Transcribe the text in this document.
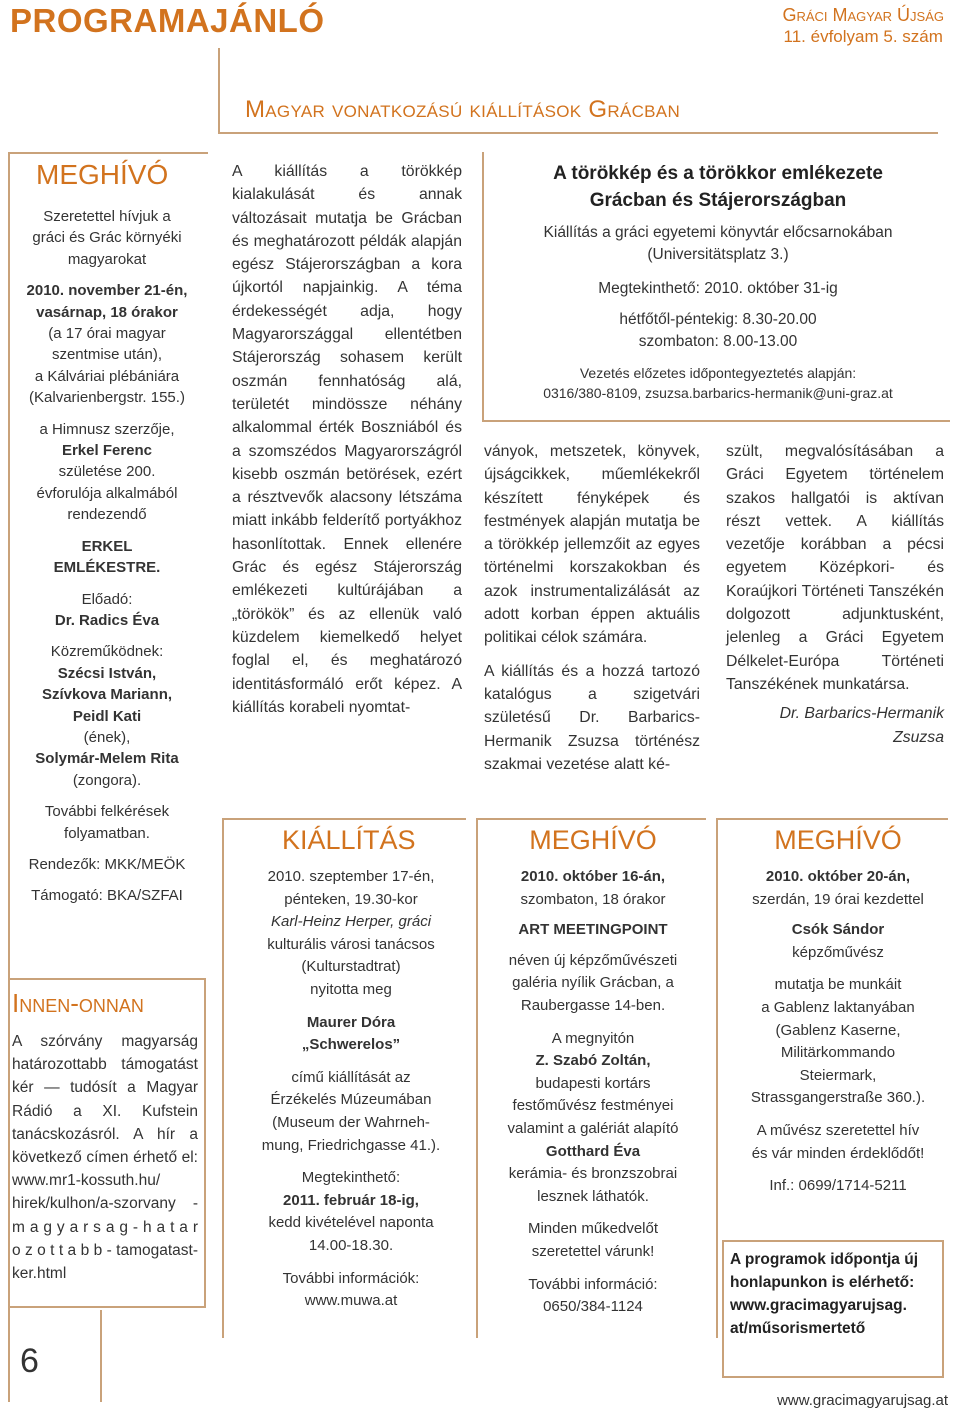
PROGRAMAJÁNLÓ	Gráci Magyar Újság
11. évfolyam 5. szám
Magyar vonatkozású kiállítások Grácban
MEGHÍVÓ
Szeretettel hívjuk a
gráci és Grác környéki
magyarokat
2010. november 21-én,
vasárnap, 18 órakor
(a 17 órai magyar
szentmise után),
a Kálváriai plébániára
(Kalvarienbergstr. 155.)
a Himnusz szerzője,
Erkel Ferenc
születése 200.
évforulója alkalmából
rendezendő
ERKEL
EMLÉKESTRE.
Előadó:
Dr. Radics Éva
Közreműködnek:
Szécsi István,
Szívkova Mariann,
Peidl Kati
(ének),
Solymár-Melem Rita
(zongora).
További felkérések
folyamatban.
Rendezők: MKK/MEÖK
Támogató: BKA/SZFAI
Innen-onnan
A szórvány magyarság határozottabb támogatást kér — tudósít a Magyar Rádió a XI. Kufstein tanácskozásról. A hír a következő címen érhető el: www.mr1-kossuth.hu/ hirek/kulhon/a-szorvany - m a g y a r s a g - h a t a r o z o t t a b b - tamogatast-ker.html
6
A kiállítás a törökkép kialakulását és annak változásait mutatja be Grácban és meghatározott példák alapján egész Stájerországban a kora újkortól napjainkig. A téma érdekességét adja, hogy Magyarországgal ellentétben Stájerország sohasem került oszmán fennhatóság alá, területét mindössze néhány alkalommal érték Boszniából és a szomszédos Magyarországról kisebb oszmán betörések, ezért a résztvevők alacsony létszáma miatt inkább felderítő portyákhoz hasonlítottak. Ennek ellenére Grác és egész Stájerország emlékezeti kultúrájában a „törökök” és az ellenük való küzdelem kiemelkedő helyet foglal el, és meghatározó identitásformáló erőt képez. A kiállítás korabeli nyomtat-
A törökkép és a törökkor emlékezete
Grácban és Stájerországban
Kiállítás a gráci egyetemi könyvtár előcsarnokában
(Universitätsplatz 3.)
Megtekinthető: 2010. október 31-ig
hétfőtől-péntekig: 8.30-20.00
szombaton: 8.00-13.00
Vezetés előzetes időpontegyeztetés alapján:
0316/380-8109, zsuzsa.barbarics-hermanik@uni-graz.at
ványok, metszetek, könyvek, újságcikkek, műemlékekről készített fényképek és festmények alapján mutatja be a törökkép jellemzőit az egyes történelmi korszakokban és azok instrumentalizálását az adott korban éppen aktuális politikai célok számára.
A kiállítás és a hozzá tartozó katalógus a szigetvári születésű Dr. Barbarics-Hermanik Zsuzsa történész szakmai vezetése alatt ké-
szült, megvalósításában a Gráci Egyetem történelem szakos hallgatói is aktívan részt vettek. A kiállítás vezetője korábban a pécsi egyetem Középkori- és Koraújkori Történeti Tanszékén dolgozott adjunktusként, jelenleg a Gráci Egyetem Délkelet-Európa Történeti Tanszékének munkatársa.
Dr. Barbarics-Hermanik
Zsuzsa
KIÁLLÍTÁS
2010. szeptember 17-én,
pénteken, 19.30-kor
Karl-Heinz Herper, gráci
kulturális városi tanácsos
(Kulturstadtrat)
nyitotta meg
Maurer Dóra
„Schwerelos”
című kiállítását az
Érzékelés Múzeumában
(Museum der Wahrneh-
mung, Friedrichgasse 41.).
Megtekinthető:
2011. február 18-ig,
kedd kivételével naponta
14.00-18.30.
További információk:
www.muwa.at
MEGHÍVÓ
2010. október 16-án,
szombaton, 18 órakor
ART MEETINGPOINT
néven új képzőművészeti
galéria nyílik Grácban, a
Raubergasse 14-ben.
A megnyitón
Z. Szabó Zoltán,
budapesti kortárs
festőművész festményei
valamint a galériát alapító
Gotthard Éva
kerámia- és bronzszobrai
lesznek láthatók.
Minden műkedvelőt
szeretettel várunk!
További információ:
0650/384-1124
MEGHÍVÓ
2010. október 20-án,
szerdán, 19 órai kezdettel
Csók Sándor
képzőművész
mutatja be munkáit
a Gablenz laktanyában
(Gablenz Kaserne,
Militärkommando
Steiermark,
Strassgangerstraße 360.).
A művész szeretettel hív
és vár minden érdeklődőt!
Inf.: 0699/1714-5211
A programok időpontja új honlapunkon is elérhető: www.gracimagyarujsag. at/műsorismertető
www.gracimagyarujsag.at
